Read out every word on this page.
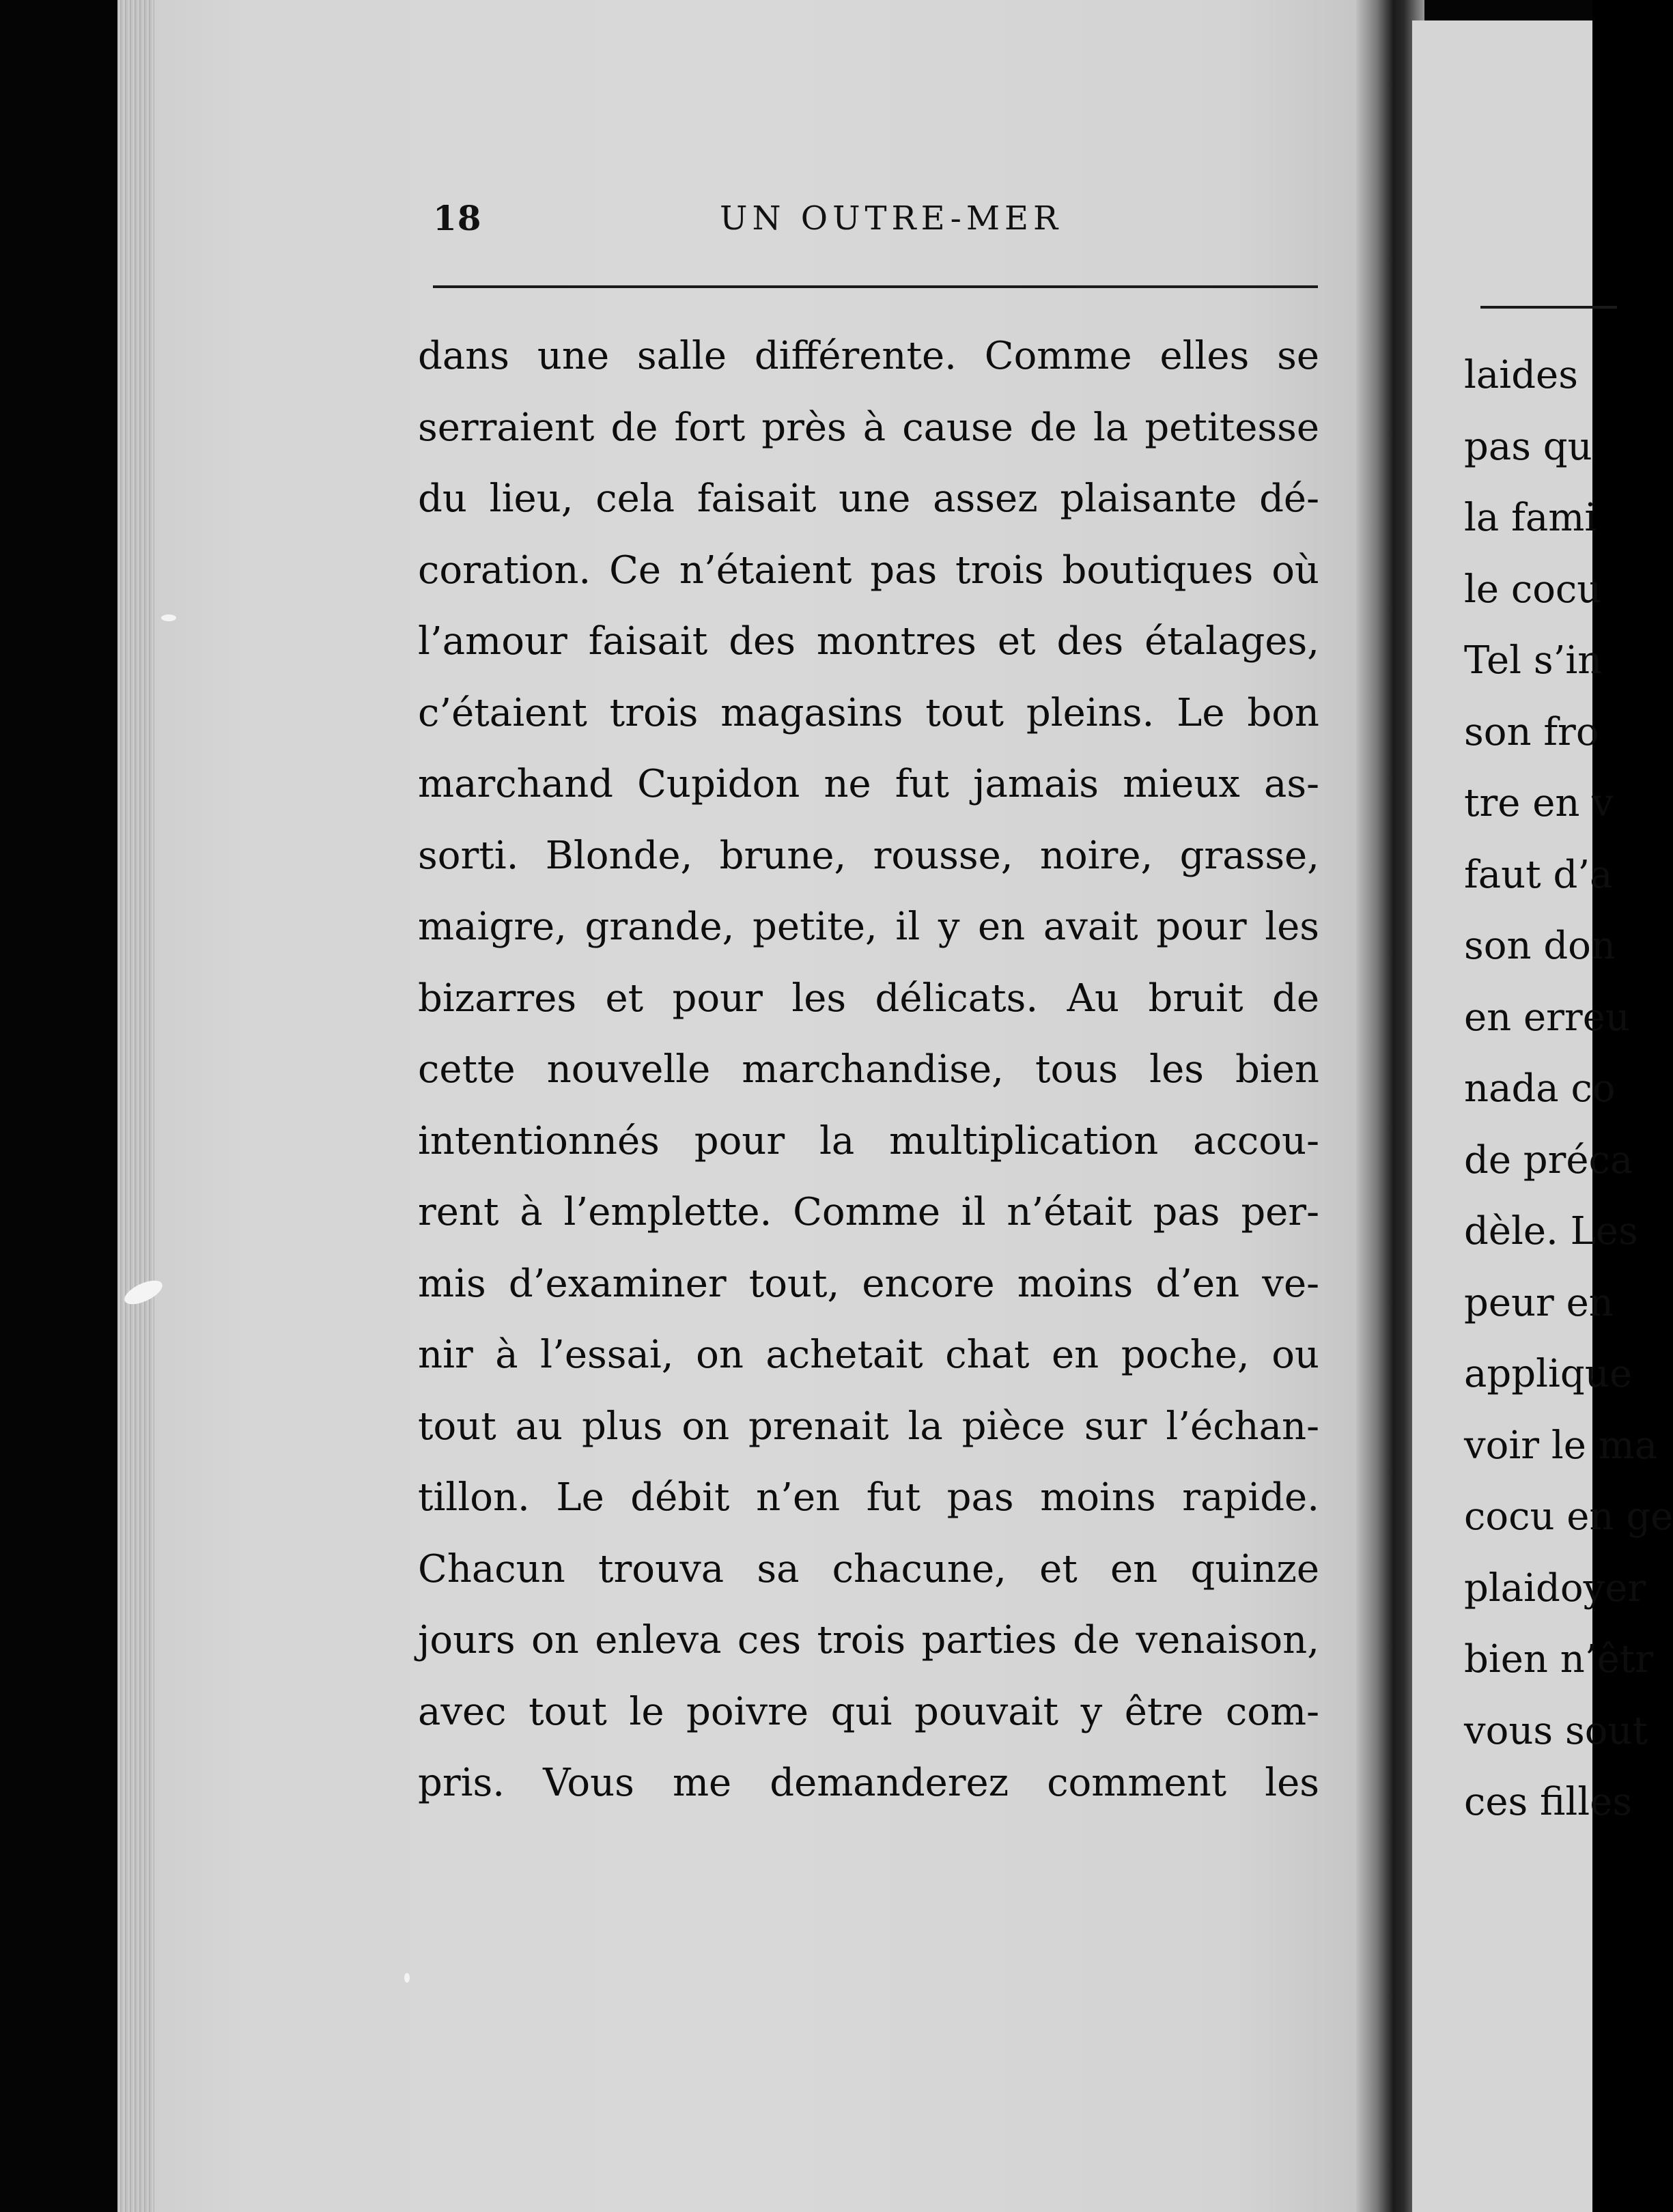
18	UN OUTRE-MER
dans une salle différente. Comme elles se
serraient de fort près à cause de la petitesse
du lieu, cela faisait une assez plaisante dé-
coration. Ce n’étaient pas trois boutiques où
l’amour faisait des montres et des étalages,
c’étaient trois magasins tout pleins. Le bon
marchand Cupidon ne fut jamais mieux as-
sorti. Blonde, brune, rousse, noire, grasse,
maigre, grande, petite, il y en avait pour les
bizarres et pour les délicats. Au bruit de
cette nouvelle marchandise, tous les bien
intentionnés pour la multiplication accou-
rent à l’emplette. Comme il n’était pas per-
mis d’examiner tout, encore moins d’en ve-
nir à l’essai, on achetait chat en poche, ou
tout au plus on prenait la pièce sur l’échan-
tillon. Le débit n’en fut pas moins rapide.
Chacun trouva sa chacune, et en quinze
jours on enleva ces trois parties de venaison,
avec tout le poivre qui pouvait y être com-
pris. Vous me demanderez comment les
laides
pas qu
la fami
le cocu
Tel s’in
son fro
tre en v
faut d’a
son don
en erreu
nada co
de préca
dèle. Les
peur en
applique
voir le ma
cocu en ge
plaidoyer
bien n’êtr
vous sout
ces filles
